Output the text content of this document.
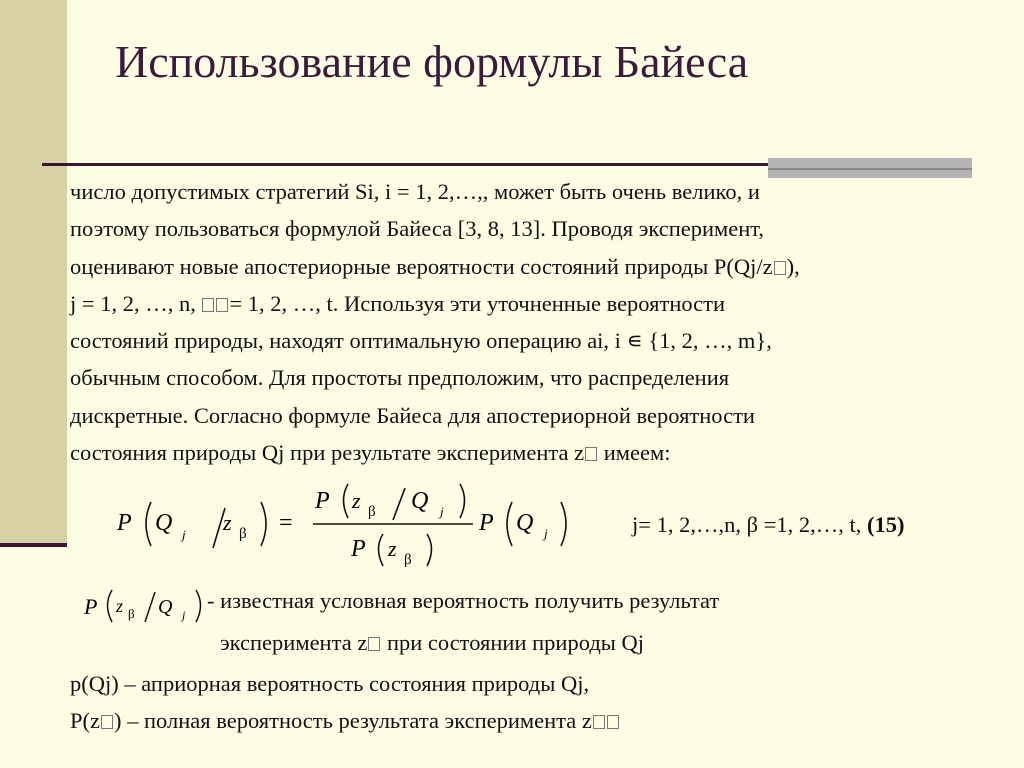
Использование формулы Байеса
число допустимых стратегий Si, i = 1, 2,…,, может быть очень велико, и
поэтому пользоваться формулой Байеса [3, 8, 13]. Проводя эксперимент,
оценивают новые апостериорные вероятности состояний природы P(Qj/z ),
j = 1, 2, …, n, = 1, 2, …, t. Используя эти уточненные вероятности
состояний природы, находят оптимальную операцию ai, i ∊ {1, 2, …, m},
обычным способом. Для простоты предположим, что распределения
дискретные. Согласно формуле Байеса для апостериорной вероятности
состояния природы Qj при результате эксперимента z имеем:
P Q j z β =
P z β Q j
P z β
P Q j	j= 1, 2,…,n, β =1, 2,…, t, (15)
P z β Q j
- известная условная вероятность получить результат
эксперимента z при состоянии природы Qj
p(Qj) – априорная вероятность состояния природы Qj,
P(z ) – полная вероятность результата эксперимента z
